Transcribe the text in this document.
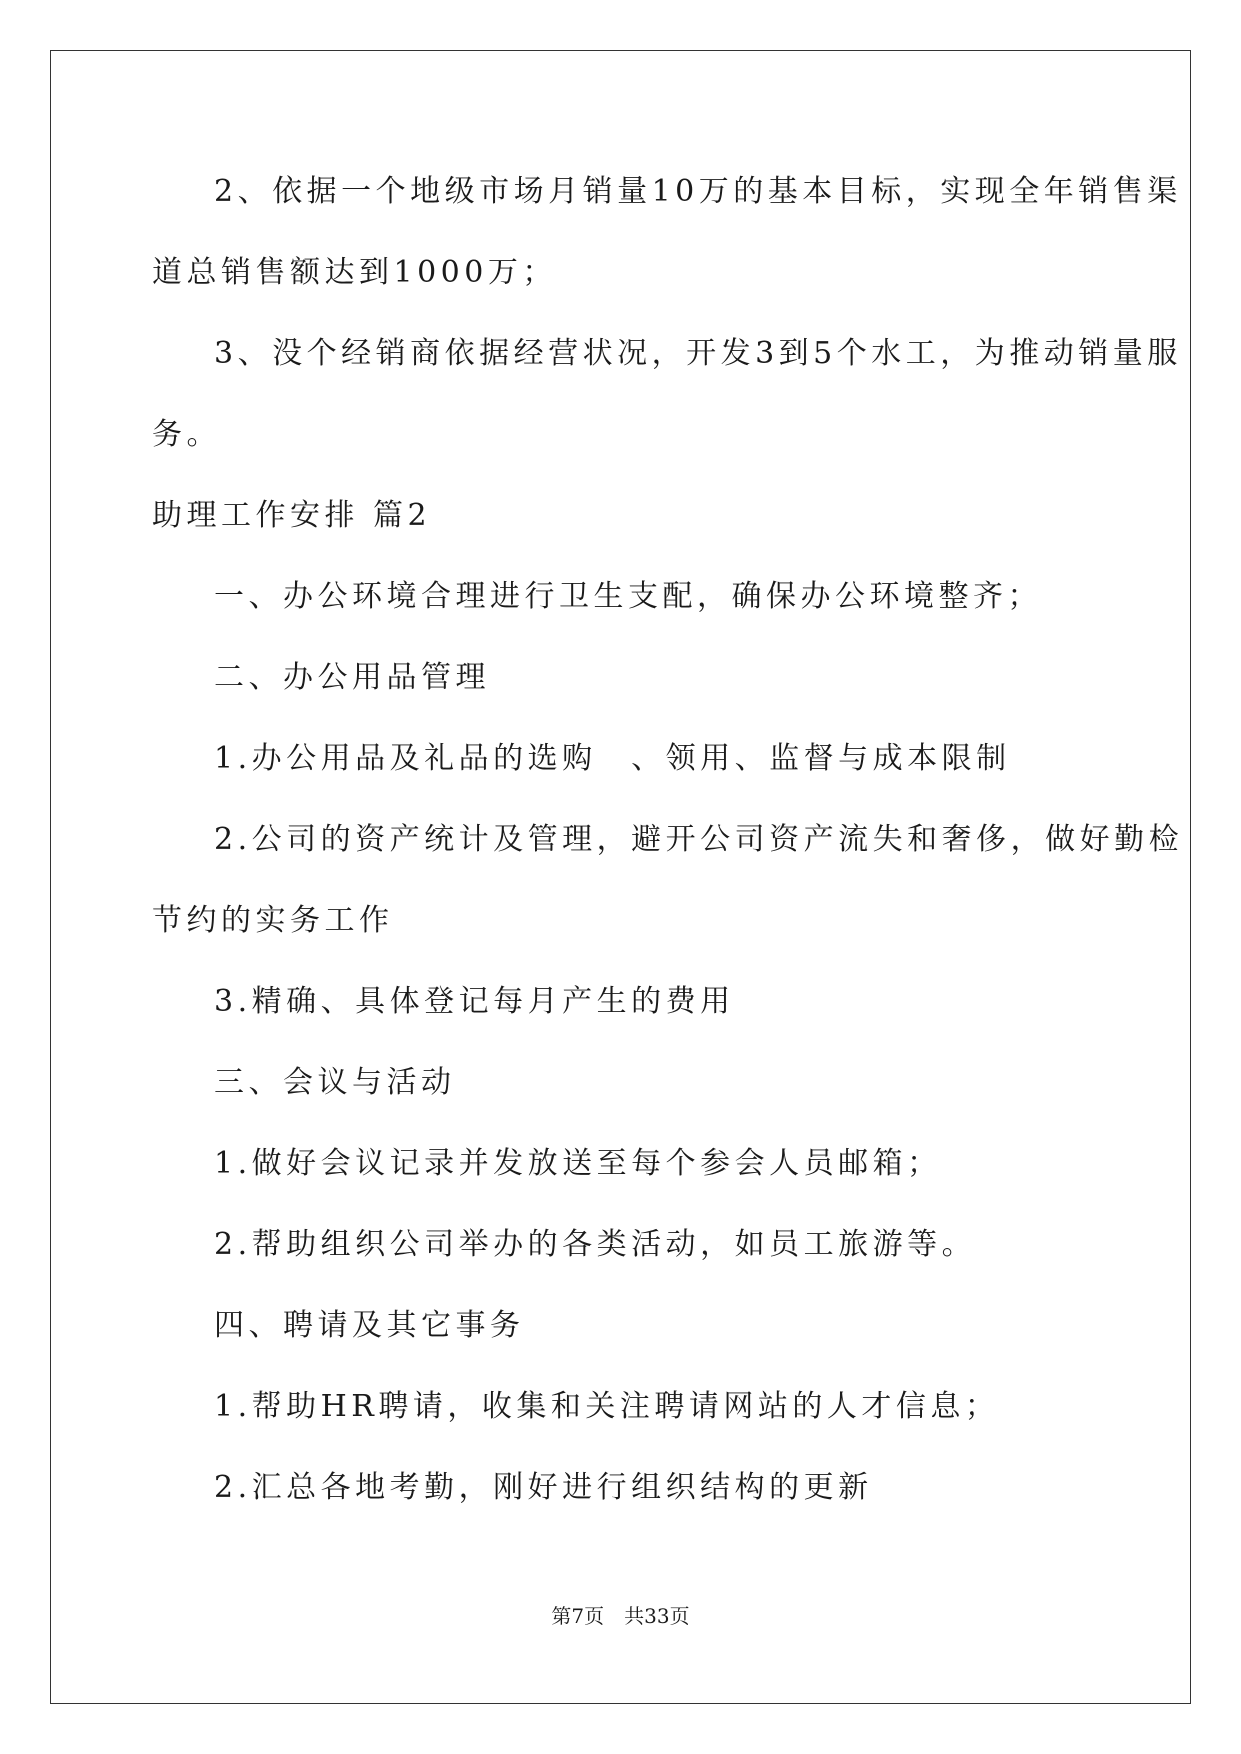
2、依据一个地级市场月销量10万的基本目标，实现全年销售渠
道总销售额达到1000万；
3、没个经销商依据经营状况，开发3到5个水工，为推动销量服
务。
助理工作安排 篇2
一、办公环境合理进行卫生支配，确保办公环境整齐；
二、办公用品管理
1.办公用品及礼品的选购　、领用、监督与成本限制
2.公司的资产统计及管理，避开公司资产流失和奢侈，做好勤检
节约的实务工作
3.精确、具体登记每月产生的费用
三、会议与活动
1.做好会议记录并发放送至每个参会人员邮箱；
2.帮助组织公司举办的各类活动，如员工旅游等。
四、聘请及其它事务
1.帮助HR聘请，收集和关注聘请网站的人才信息；
2.汇总各地考勤，刚好进行组织结构的更新
第7页　共33页
